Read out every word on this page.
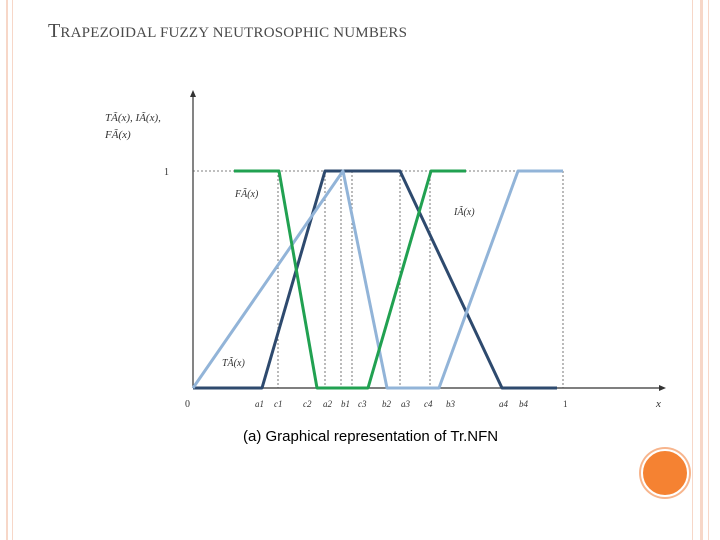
TRAPEZOIDAL FUZZY NEUTROSOPHIC NUMBERS
TÃ(x), IÃ(x),
FÃ(x)
1
0	x
FÃ(x)
IÃ(x)
TÃ(x)
a1 c1 c2 a2 b1 c3 b2 a3 c4 b3	a4 b4	1
(a) Graphical representation of Tr.NFN
